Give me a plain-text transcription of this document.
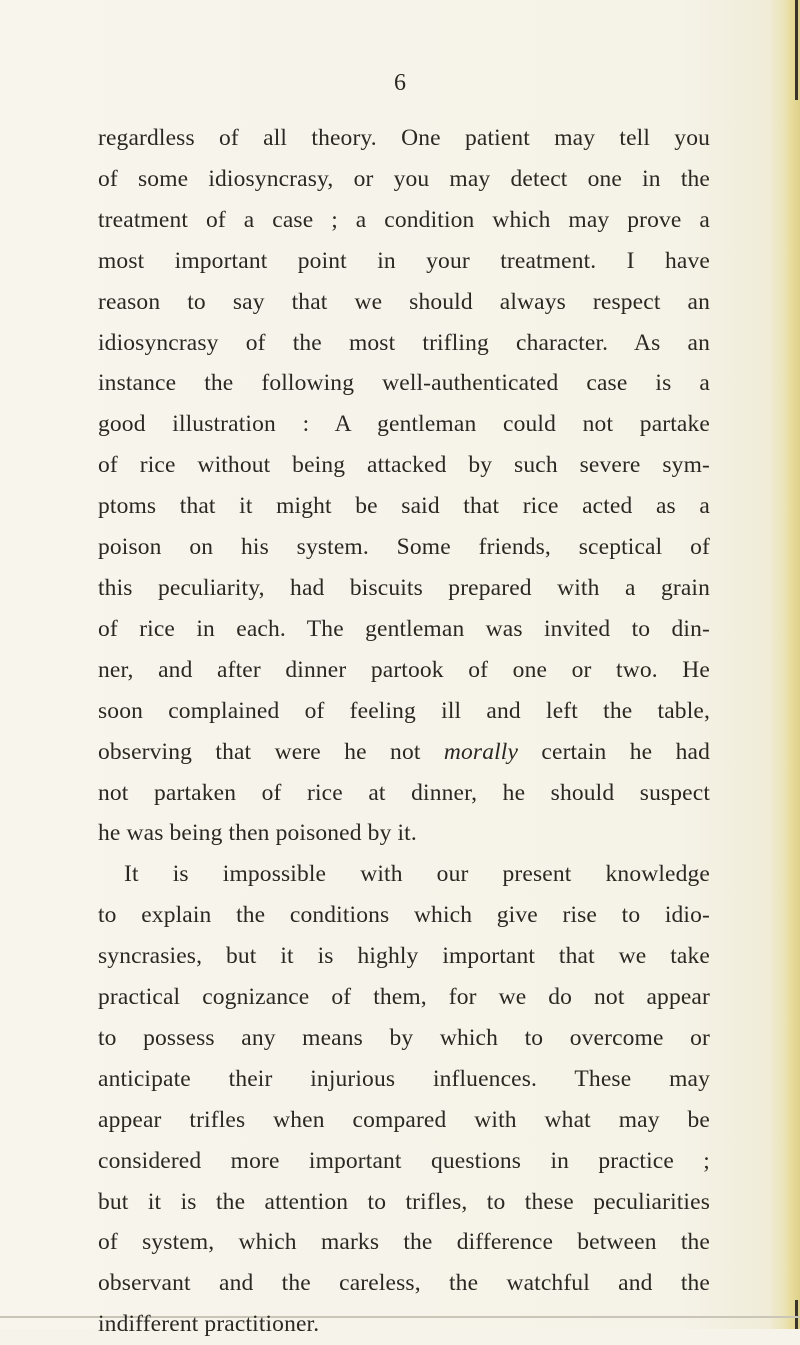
6
regardless of all theory. One patient may tell you
of some idiosyncrasy, or you may detect one in the
treatment of a case ; a condition which may prove a
most important point in your treatment. I have
reason to say that we should always respect an
idiosyncrasy of the most trifling character. As an
instance the following well-authenticated case is a
good illustration : A gentleman could not partake
of rice without being attacked by such severe sym-
ptoms that it might be said that rice acted as a
poison on his system. Some friends, sceptical of
this peculiarity, had biscuits prepared with a grain
of rice in each. The gentleman was invited to din-
ner, and after dinner partook of one or two. He
soon complained of feeling ill and left the table,
observing that were he not morally certain he had
not partaken of rice at dinner, he should suspect
he was being then poisoned by it.
It is impossible with our present knowledge
to explain the conditions which give rise to idio-
syncrasies, but it is highly important that we take
practical cognizance of them, for we do not appear
to possess any means by which to overcome or
anticipate their injurious influences. These may
appear trifles when compared with what may be
considered more important questions in practice ;
but it is the attention to trifles, to these peculiarities
of system, which marks the difference between the
observant and the careless, the watchful and the
indifferent practitioner.
